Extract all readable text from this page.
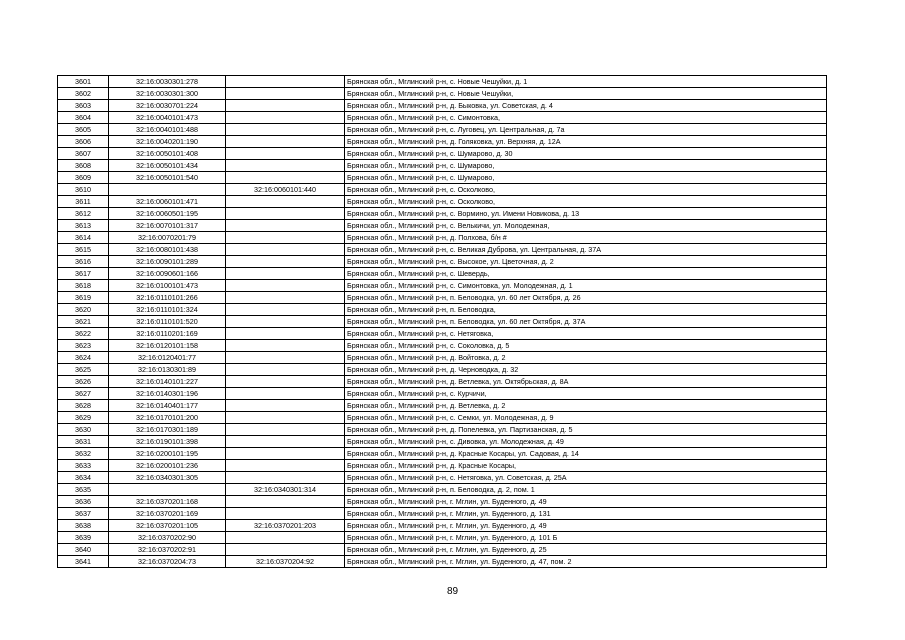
3601	32:16:0030301:278		Брянская обл., Мглинский р-н, с. Новые Чешуйки, д. 1
3602	32:16:0030301:300		Брянская обл., Мглинский р-н, с. Новые Чешуйки,
3603	32:16:0030701:224		Брянская обл., Мглинский р-н, д. Быковка, ул. Советская, д. 4
3604	32:16:0040101:473		Брянская обл., Мглинский р-н, с. Симонтовка,
3605	32:16:0040101:488		Брянская обл., Мглинский р-н, с. Луговец, ул. Центральная, д. 7а
3606	32:16:0040201:190		Брянская обл., Мглинский р-н, д. Голяковка, ул. Верхняя, д. 12А
3607	32:16:0050101:408		Брянская обл., Мглинский р-н, с. Шумарово, д. 30
3608	32:16:0050101:434		Брянская обл., Мглинский р-н, с. Шумарово,
3609	32:16:0050101:540		Брянская обл., Мглинский р-н, с. Шумарово,
3610		32:16:0060101:440	Брянская обл., Мглинский р-н, с. Осколково,
3611	32:16:0060101:471		Брянская обл., Мглинский р-н, с. Осколково,
3612	32:16:0060501:195		Брянская обл., Мглинский р-н, с. Вормино, ул. Имени Новикова, д. 13
3613	32:16:0070101:317		Брянская обл., Мглинский р-н, с. Велькичи, ул. Молодежная,
3614	32:16:0070201:79		Брянская обл., Мглинский р-н, д. Полхова, б/н #
3615	32:16:0080101:438		Брянская обл., Мглинский р-н, с. Великая Дуброва, ул. Центральная, д. 37А
3616	32:16:0090101:289		Брянская обл., Мглинский р-н, с. Высокое, ул. Цветочная, д. 2
3617	32:16:0090601:166		Брянская обл., Мглинский р-н, с. Шевердь,
3618	32:16:0100101:473		Брянская обл., Мглинский р-н, с. Симонтовка, ул. Молодежная, д. 1
3619	32:16:0110101:266		Брянская обл., Мглинский р-н, п. Беловодка, ул. 60 лет Октября, д. 26
3620	32:16:0110101:324		Брянская обл., Мглинский р-н, п. Беловодка,
3621	32:16:0110101:520		Брянская обл., Мглинский р-н, п. Беловодка, ул. 60 лет Октября, д. 37А
3622	32:16:0110201:169		Брянская обл., Мглинский р-н, с. Нетяговка,
3623	32:16:0120101:158		Брянская обл., Мглинский р-н, с. Соколовка, д. 5
3624	32:16:0120401:77		Брянская обл., Мглинский р-н, д. Войтовка, д. 2
3625	32:16:0130301:89		Брянская обл., Мглинский р-н, д. Черноводка, д. 32
3626	32:16:0140101:227		Брянская обл., Мглинский р-н, д. Ветлевка, ул. Октябрьская, д. 8А
3627	32:16:0140301:196		Брянская обл., Мглинский р-н, с. Курчичи,
3628	32:16:0140401:177		Брянская обл., Мглинский р-н, д. Ветлевка, д. 2
3629	32:16:0170101:200		Брянская обл., Мглинский р-н, с. Семки, ул. Молодежная, д. 9
3630	32:16:0170301:189		Брянская обл., Мглинский р-н, д. Попелевка, ул. Партизанская, д. 5
3631	32:16:0190101:398		Брянская обл., Мглинский р-н, с. Дивовка, ул. Молодежная, д. 49
3632	32:16:0200101:195		Брянская обл., Мглинский р-н, д. Красные Косары, ул. Садовая, д. 14
3633	32:16:0200101:236		Брянская обл., Мглинский р-н, д. Красные Косары,
3634	32:16:0340301:305		Брянская обл., Мглинский р-н, с. Нетяговка, ул. Советская, д. 25А
3635		32:16:0340301:314	Брянская обл., Мглинский р-н, п. Беловодка, д. 2, пом. 1
3636	32:16:0370201:168		Брянская обл., Мглинский р-н, г. Мглин, ул. Буденного, д. 49
3637	32:16:0370201:169		Брянская обл., Мглинский р-н, г. Мглин, ул. Буденного, д. 131
3638	32:16:0370201:105	32:16:0370201:203	Брянская обл., Мглинский р-н, г. Мглин, ул. Буденного, д. 49
3639	32:16:0370202:90		Брянская обл., Мглинский р-н, г. Мглин, ул. Буденного, д. 101 Б
3640	32:16:0370202:91		Брянская обл., Мглинский р-н, г. Мглин, ул. Буденного, д. 25
3641	32:16:0370204:73	32:16:0370204:92	Брянская обл., Мглинский р-н, г. Мглин, ул. Буденного, д. 47, пом. 2
89
